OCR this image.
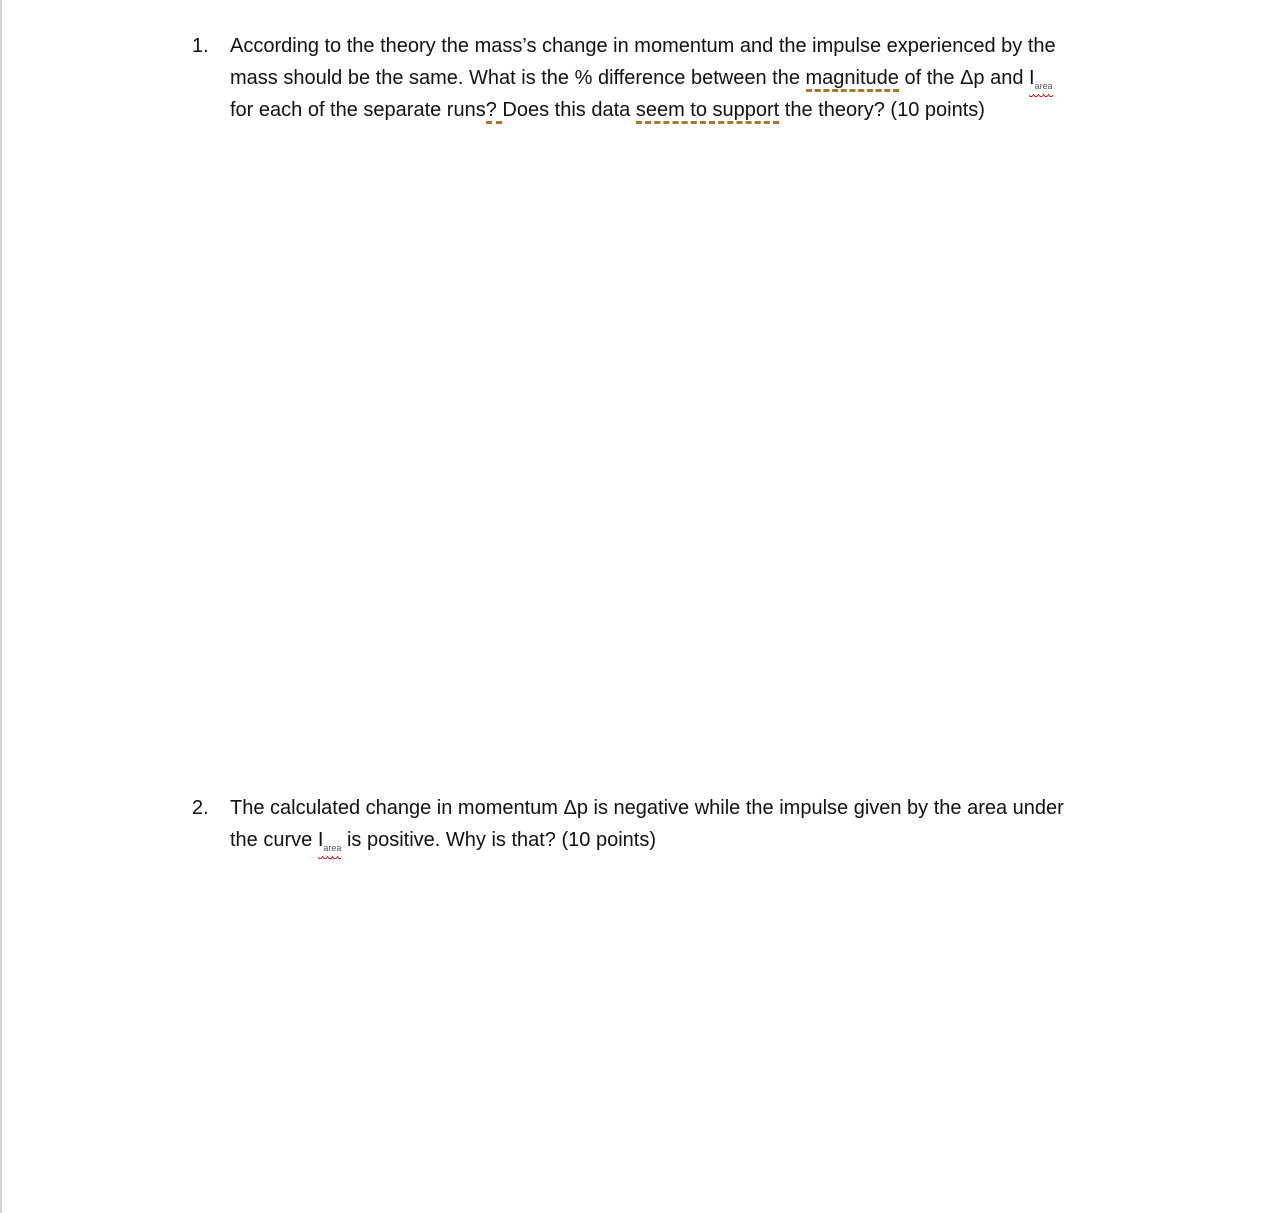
1. According to the theory the mass’s change in momentum and the impulse experienced by the
mass should be the same. What is the % difference between the magnitude of the Δp and $I_{area}$
for each of the separate runs? Does this data seem to support the theory? (10 points)
2. The calculated change in momentum Δp is negative while the impulse given by the area under
the curve $I_{area}$ is positive. Why is that? (10 points)
